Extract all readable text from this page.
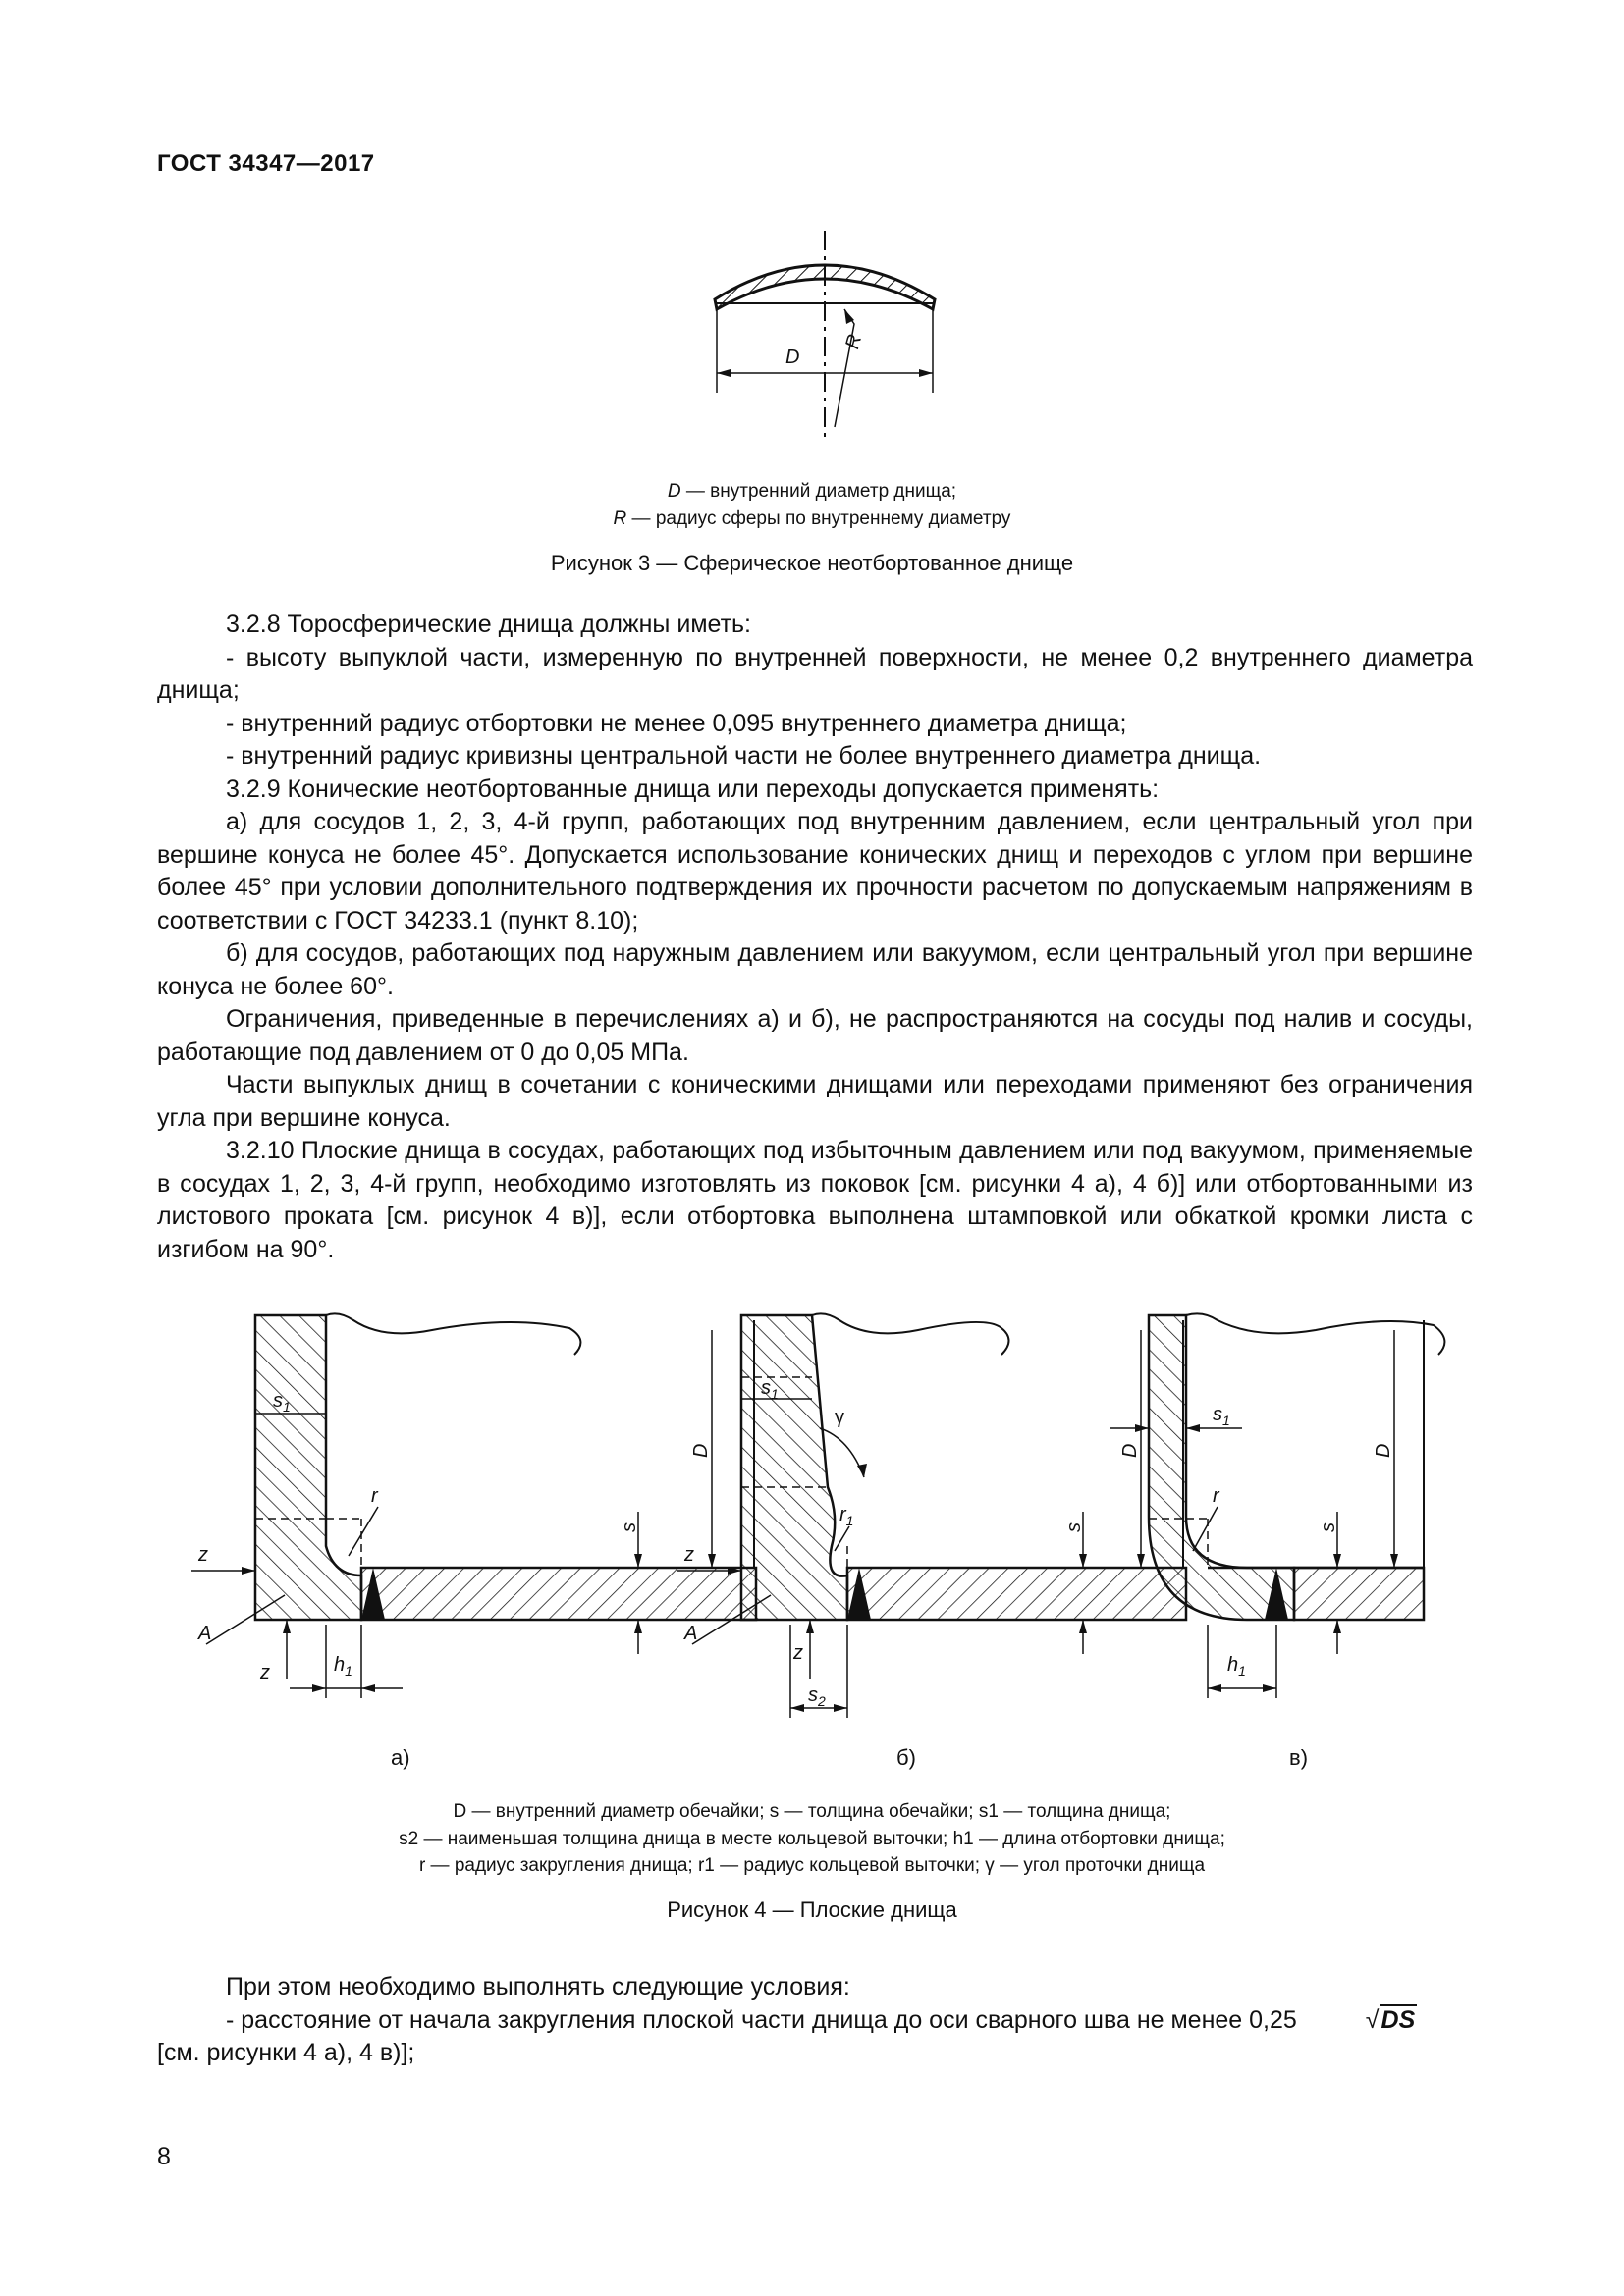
ГОСТ 34347—2017
D
R
D — внутренний диаметр днища;
R — радиус сферы по внутреннему диаметру
Рисунок 3 — Сферическое неотбортованное днище

3.2.8 Торосферические днища должны иметь:

- высоту выпуклой части, измеренную по внутренней поверхности, не менее 0,2 внутреннего диаметра днища;

- внутренний радиус отбортовки не менее 0,095 внутреннего диаметра днища;

- внутренний радиус кривизны центральной части не более внутреннего диаметра днища.

3.2.9 Конические неотбортованные днища или переходы допускается применять:

а) для сосудов 1, 2, 3, 4-й групп, работающих под внутренним давлением, если центральный угол при вершине конуса не более 45°. Допускается использование конических днищ и переходов с углом при вершине более 45° при условии дополнительного подтверждения их прочности расчетом по допускаемым напряжениям в соответствии с ГОСТ 34233.1 (пункт 8.10);

б) для сосудов, работающих под наружным давлением или вакуумом, если центральный угол при вершине конуса не более 60°.

Ограничения, приведенные в перечислениях а) и б), не распространяются на сосуды под налив и сосуды, работающие под давлением от 0 до 0,05 МПа.

Части выпуклых днищ в сочетании с коническими днищами или переходами применяют без ограничения угла при вершине конуса.

3.2.10 Плоские днища в сосудах, работающих под избыточным давлением или под вакуумом, применяемые в сосудах 1, 2, 3, 4-й групп, необходимо изготовлять из поковок [см. рисунки 4 а), 4 б)] или отбортованными из листового проката [см. рисунок 4 в)], если отбортовка выполнена штамповкой или обкаткой кромки листа с изгибом на 90°.

D
s
$s_1$
r
z
A
z	$h_1$
γ
D
s
$s_1$
$r_1$
z
A
z
$s_2$
D
s
$s_1$
r
$h_1$
а)	б)	в)
D — внутренний диаметр обечайки; s — толщина обечайки; s1 — толщина днища;
s2 — наименьшая толщина днища в месте кольцевой выточки; h1 — длина отбортовки днища;
r — радиус закругления днища; r1 — радиус кольцевой выточки; γ — угол проточки днища
Рисунок 4 — Плоские днища

При этом необходимо выполнять следующие условия:

- расстояние от начала закругления плоской части днища до оси сварного шва не менее 0,25	√DS

[см. рисунки 4 а), 4 в)];

8
